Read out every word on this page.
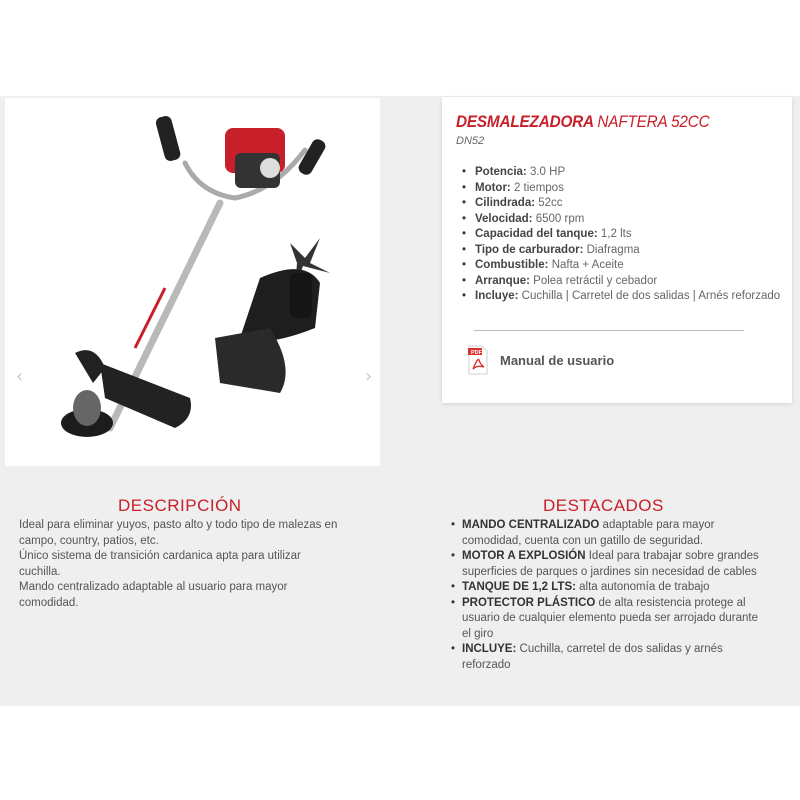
‹	›
DESMALEZADORA NAFTERA 52CC
DN52
• Potencia: 3.0 HP
• Motor: 2 tiempos
• Cilindrada: 52cc
• Velocidad: 6500 rpm
• Capacidad del tanque: 1,2 lts
• Tipo de carburador: Diafragma
• Combustible: Nafta + Aceite
• Arranque: Polea retráctil y cebador
• Incluye: Cuchilla | Carretel de dos salidas | Arnés reforzado
PDF Manual de usuario
DESCRIPCIÓN

Ideal para eliminar yuyos, pasto alto y todo tipo de malezas en campo, country, patios, etc.

Único sistema de transición cardanica apta para utilizar cuchilla.

Mando centralizado adaptable al usuario para mayor comodidad.

DESTACADOS
• MANDO CENTRALIZADO adaptable para mayor comodidad, cuenta con un gatillo de seguridad.
• MOTOR A EXPLOSIÓN Ideal para trabajar sobre grandes superficies de parques o jardines sin necesidad de cables
• TANQUE DE 1,2 LTS: alta autonomía de trabajo
• PROTECTOR PLÁSTICO de alta resistencia protege al usuario de cualquier elemento pueda ser arrojado durante el giro
• INCLUYE: Cuchilla, carretel de dos salidas y arnés reforzado
